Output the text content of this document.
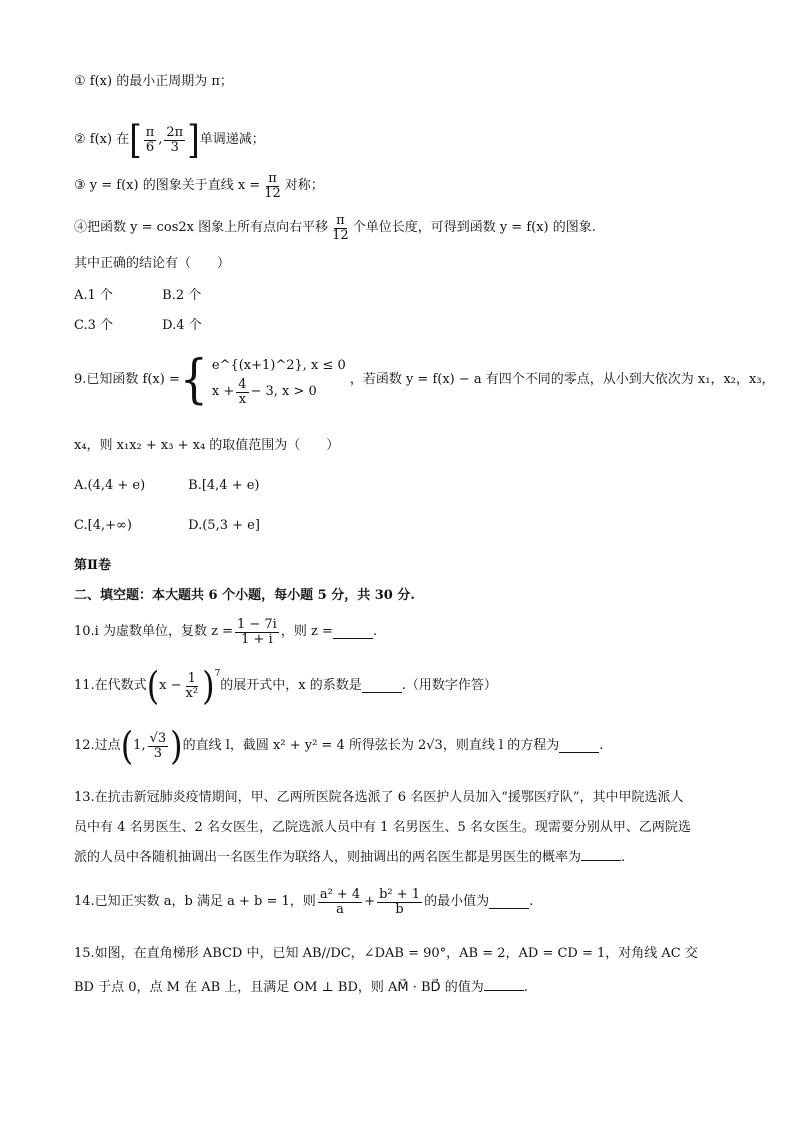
① f(x) 的最小正周期为 π；
② f(x) 在 [ $\frac{\pi}{6}$ , $\frac{2\pi}{3}$ ] 单调递减；
③ y = f(x) 的图象关于直线 $x = \frac{\pi}{12}$ 对称；
④把函数 y = cos2x 图象上所有点向右平移 $\frac{\pi}{12}$ 个单位长度，可得到函数 y = f(x) 的图象.
其中正确的结论有（　　）
A.1 个	B.2 个
C.3 个	D.4 个
9.已知函数 f(x) = { e^{(x+1)^2}, x ≤ 0
$x + \frac{4}{x} - 3$, x > 0
，若函数 y = f(x) − a 有四个不同的零点，从小到大依次为 x₁，x₂，x₃，
x₄，则 x₁x₂ + x₃ + x₄ 的取值范围为（　　）
A.(4,4 + e)	B.[4,4 + e)
C.[4,+∞)	D.(5,3 + e]
第Ⅱ卷
二、填空题：本大题共 6 个小题，每小题 5 分，共 30 分.
10.i 为虚数单位，复数 $z = \frac{1 - 7i}{1 + i}$ ，则 z =	.
11.在代数式 ( $x - \frac{1}{\text{x²}} )^7$
的展开式中，x 的系数是	.（用数字作答）
12.过点 ( 1, $\frac{√3}{3}$ ) 的直线 l，截圆 x² + y² = 4 所得弦长为 2√3，则直线 l 的方程为	.
13.在抗击新冠肺炎疫情期间，甲、乙两所医院各选派了 6 名医护人员加入“援鄂医疗队”，其中甲院选派人
员中有 4 名男医生、2 名女医生，乙院选派人员中有 1 名男医生、5 名女医生。现需要分别从甲、乙两院选
派的人员中各随机抽调出一名医生作为联络人，则抽调出的两名医生都是男医生的概率为	.
14.已知正实数 a，b 满足 a + b = 1，则 $\frac{\text{a² + 4}}{a} + \frac{\text{b² + 1}}{b}$ 的最小值为	.
15.如图，在直角梯形 ABCD 中，已知 AB//DC，∠DAB = 90°，AB = 2，AD = CD = 1，对角线 AC 交
BD 于点 0，点 M 在 AB 上，且满足 OM ⊥ BD，则 AM⃗ · BD⃗ 的值为	.
